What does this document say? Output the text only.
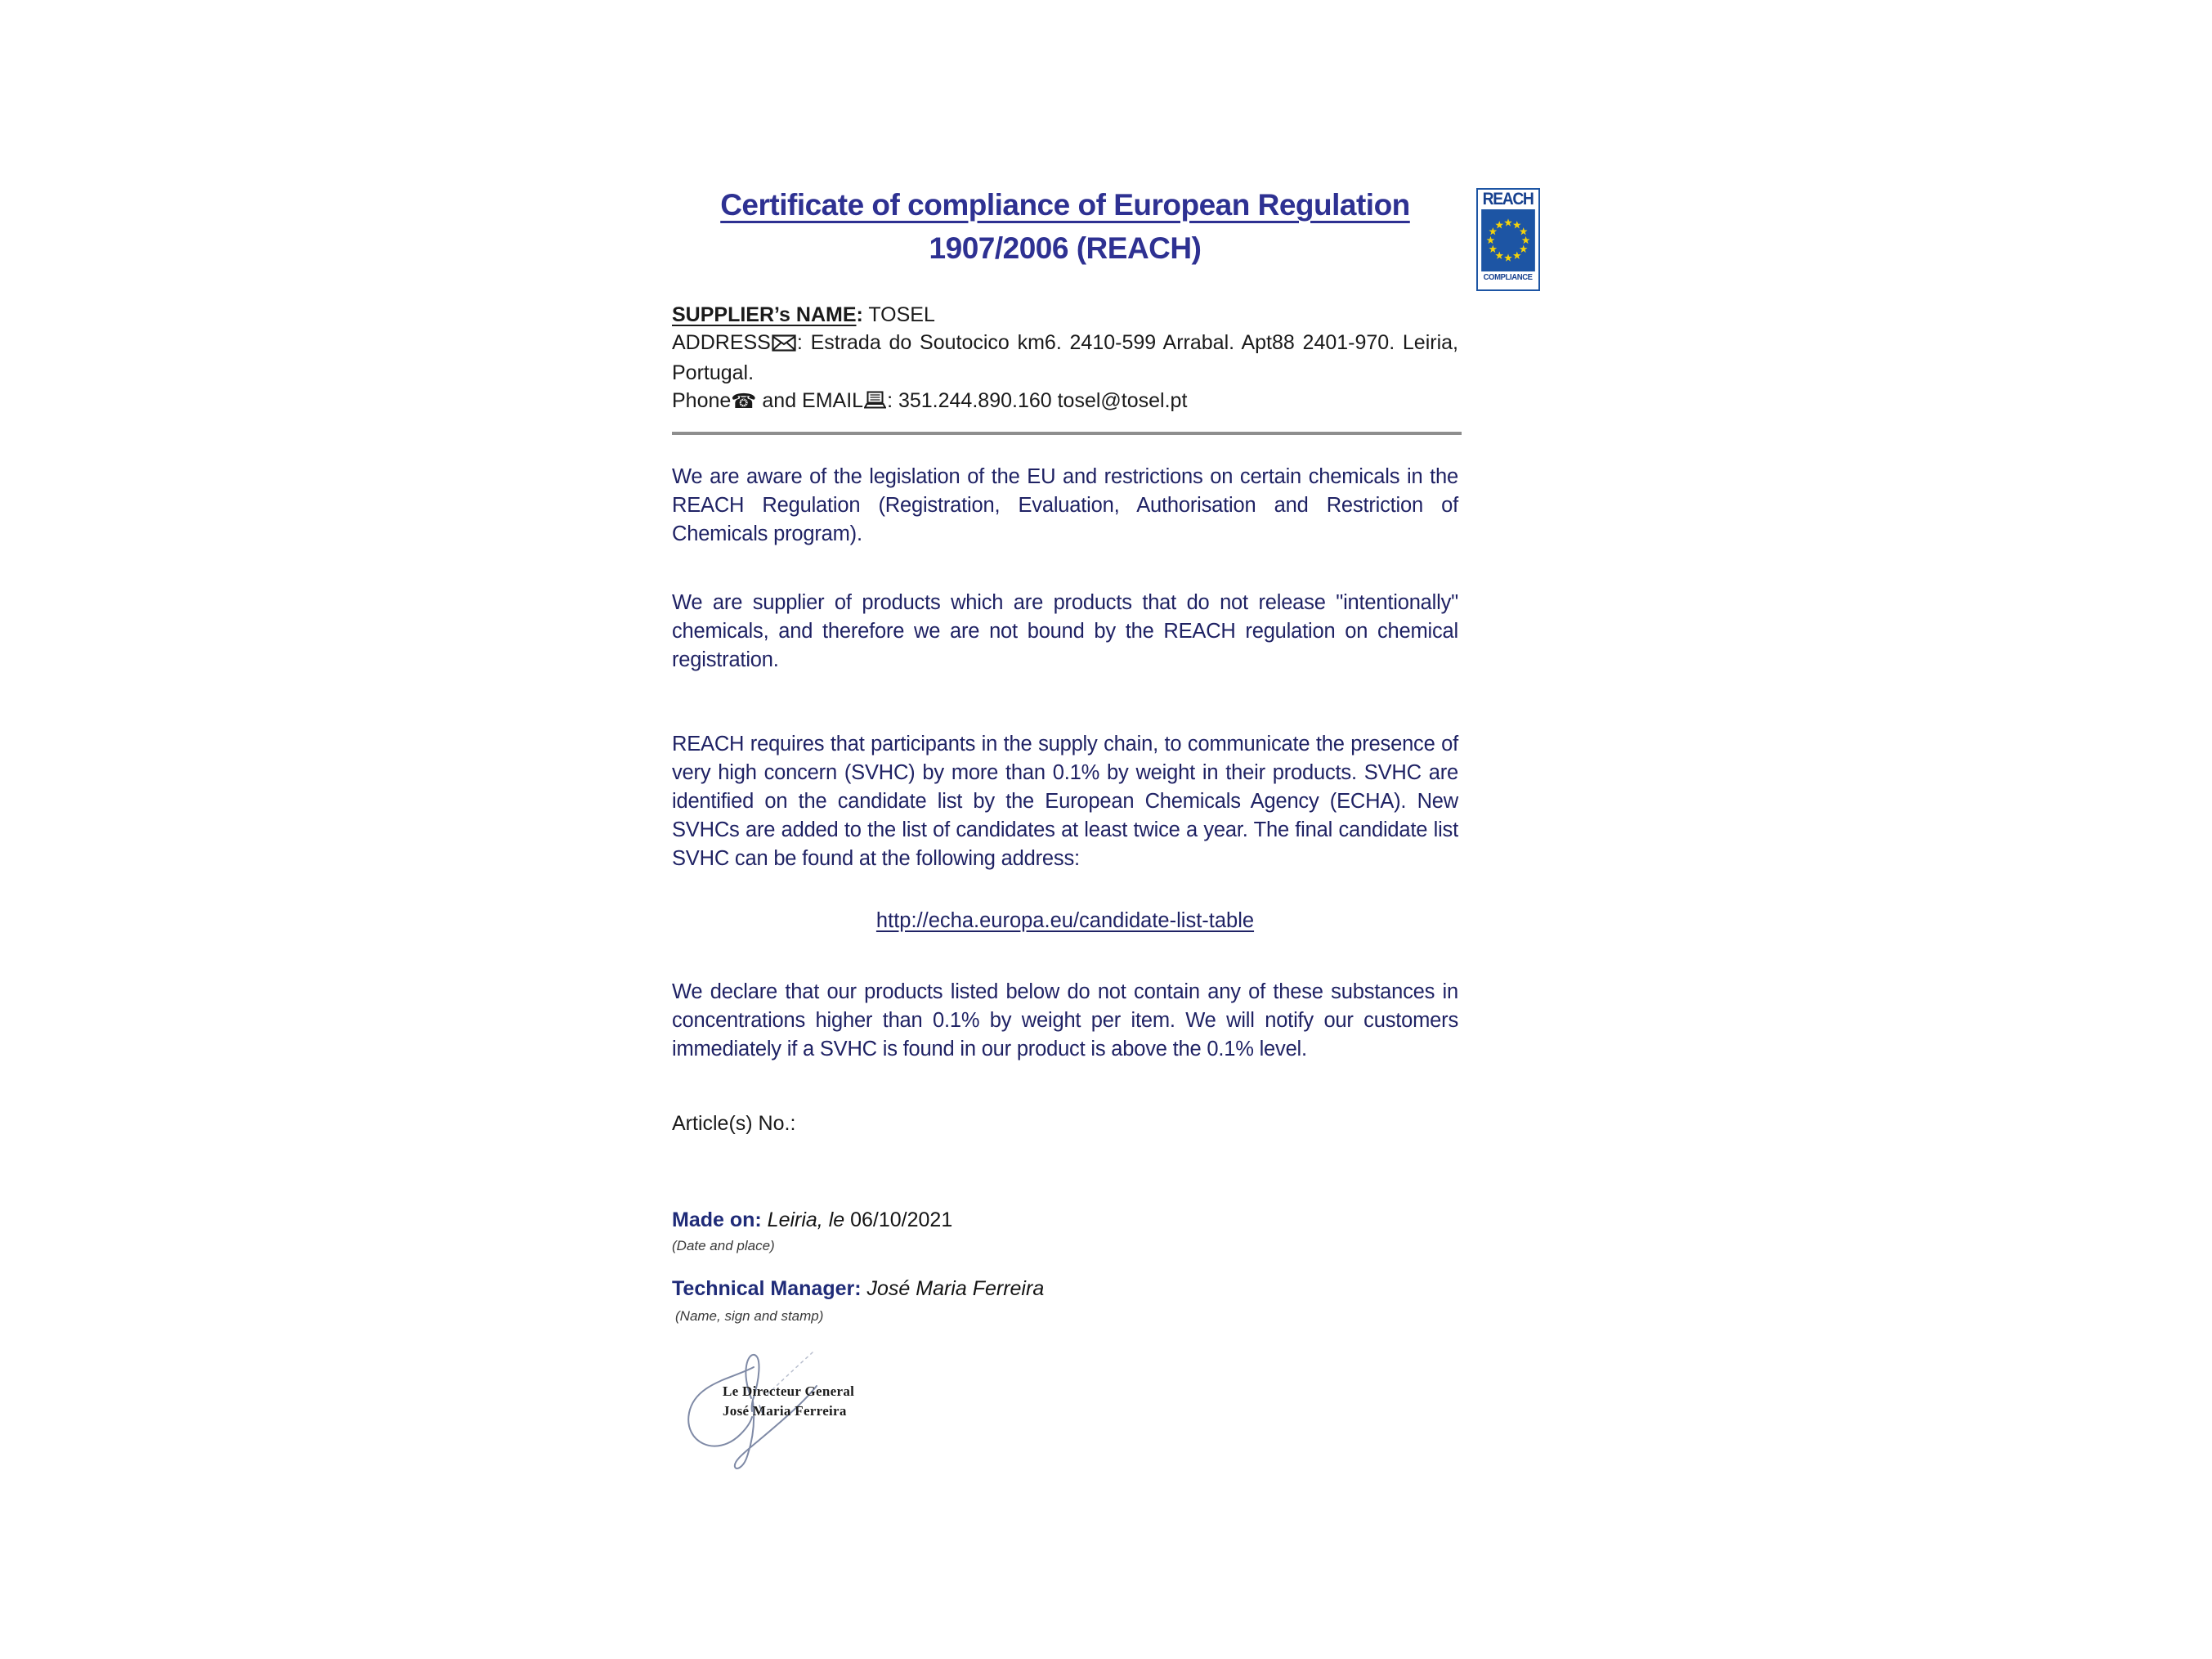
Certificate of compliance of European Regulation
1907/2006 (REACH)
REACH
COMPLIANCE
SUPPLIER’s NAME: TOSEL
ADDRESS : Estrada do Soutocico km6. 2410-599 Arrabal. Apt88 2401-970. Leiria, Portugal.
Phone☎ and EMAIL : 351.244.890.160 tosel@tosel.pt

We are aware of the legislation of the EU and restrictions on certain chemicals in the REACH Regulation (Registration, Evaluation, Authorisation and Restriction of Chemicals program).

We are supplier of products which are products that do not release "intentionally" chemicals, and therefore we are not bound by the REACH regulation on chemical registration.

REACH requires that participants in the supply chain, to communicate the presence of very high concern (SVHC) by more than 0.1% by weight in their products. SVHC are identified on the candidate list by the European Chemicals Agency (ECHA). New SVHCs are added to the list of candidates at least twice a year. The final candidate list SVHC can be found at the following address:

http://echa.europa.eu/candidate-list-table

We declare that our products listed below do not contain any of these substances in concentrations higher than 0.1% by weight per item. We will notify our customers immediately if a SVHC is found in our product is above the 0.1% level.

Article(s) No.:
Made on: Leiria, le 06/10/2021
(Date and place)
Technical Manager: José Maria Ferreira
(Name, sign and stamp)
Le Directeur General
José Maria Ferreira
